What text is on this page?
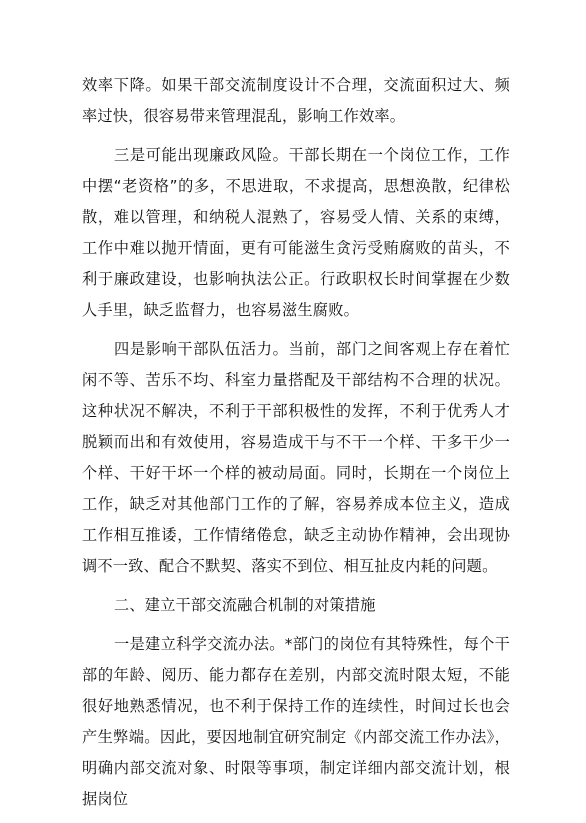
效率下降。如果干部交流制度设计不合理，交流面积过大、频率过快，很容易带来管理混乱，影响工作效率。

三是可能出现廉政风险。干部长期在一个岗位工作，工作中摆“老资格”的多，不思进取，不求提高，思想涣散，纪律松散，难以管理，和纳税人混熟了，容易受人情、关系的束缚，工作中难以抛开情面，更有可能滋生贪污受贿腐败的苗头，不利于廉政建设，也影响执法公正。行政职权长时间掌握在少数人手里，缺乏监督力，也容易滋生腐败。

四是影响干部队伍活力。当前，部门之间客观上存在着忙闲不等、苦乐不均、科室力量搭配及干部结构不合理的状况。这种状况不解决，不利于干部积极性的发挥，不利于优秀人才脱颖而出和有效使用，容易造成干与不干一个样、干多干少一个样、干好干坏一个样的被动局面。同时，长期在一个岗位上工作，缺乏对其他部门工作的了解，容易养成本位主义，造成工作相互推诿，工作情绪倦怠，缺乏主动协作精神，会出现协调不一致、配合不默契、落实不到位、相互扯皮内耗的问题。

二、建立干部交流融合机制的对策措施

一是建立科学交流办法。*部门的岗位有其特殊性，每个干部的年龄、阅历、能力都存在差别，内部交流时限太短，不能很好地熟悉情况，也不利于保持工作的连续性，时间过长也会产生弊端。因此，要因地制宜研究制定《内部交流工作办法》，明确内部交流对象、时限等事项，制定详细内部交流计划，根据岗位
